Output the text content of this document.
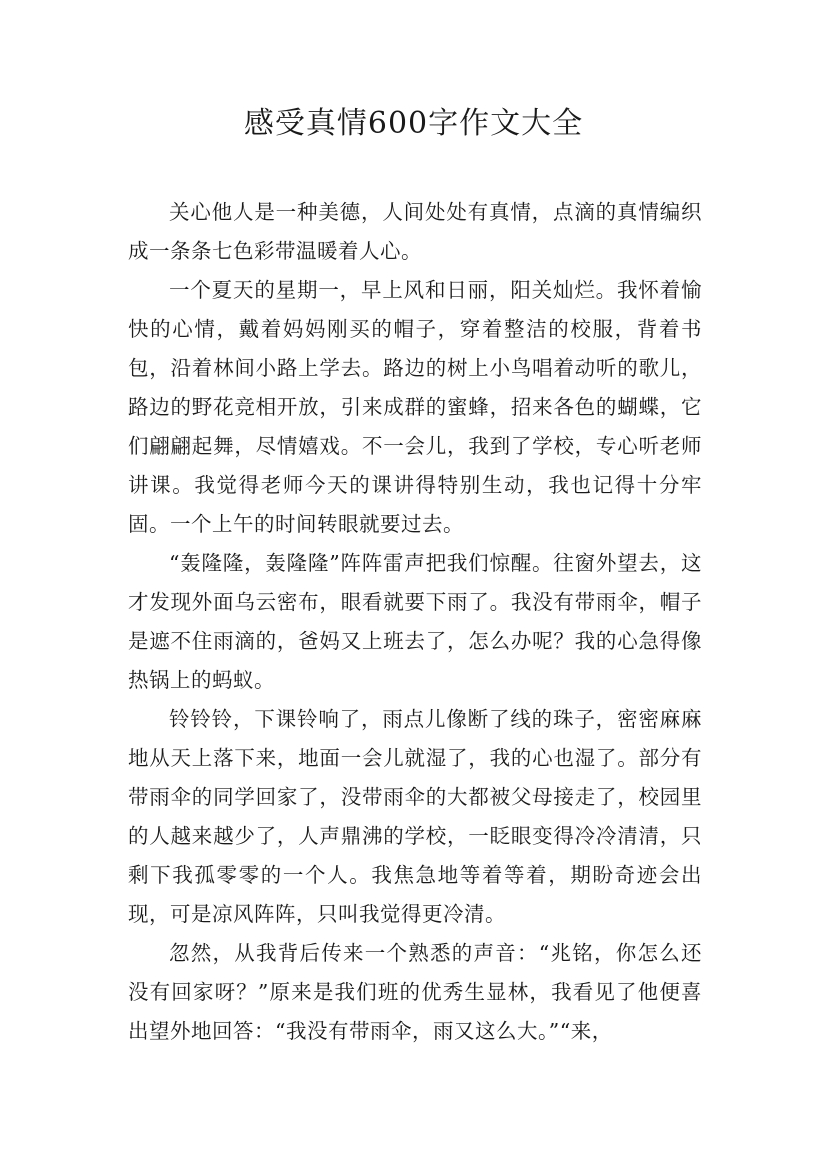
感受真情600字作文大全

关心他人是一种美德，人间处处有真情，点滴的真情编织成一条条七色彩带温暖着人心。

一个夏天的星期一，早上风和日丽，阳关灿烂。我怀着愉快的心情，戴着妈妈刚买的帽子，穿着整洁的校服，背着书包，沿着林间小路上学去。路边的树上小鸟唱着动听的歌儿，路边的野花竞相开放，引来成群的蜜蜂，招来各色的蝴蝶，它们翩翩起舞，尽情嬉戏。不一会儿，我到了学校，专心听老师讲课。我觉得老师今天的课讲得特别生动，我也记得十分牢固。一个上午的时间转眼就要过去。

“轰隆隆，轰隆隆”阵阵雷声把我们惊醒。往窗外望去，这才发现外面乌云密布，眼看就要下雨了。我没有带雨伞，帽子是遮不住雨滴的，爸妈又上班去了，怎么办呢？我的心急得像热锅上的蚂蚁。

铃铃铃，下课铃响了，雨点儿像断了线的珠子，密密麻麻地从天上落下来，地面一会儿就湿了，我的心也湿了。部分有带雨伞的同学回家了，没带雨伞的大都被父母接走了，校园里的人越来越少了，人声鼎沸的学校，一眨眼变得冷冷清清，只剩下我孤零零的一个人。我焦急地等着等着，期盼奇迹会出现，可是凉风阵阵，只叫我觉得更冷清。

忽然，从我背后传来一个熟悉的声音：“兆铭，你怎么还没有回家呀？”原来是我们班的优秀生显林，我看见了他便喜出望外地回答：“我没有带雨伞，雨又这么大。”“来，
